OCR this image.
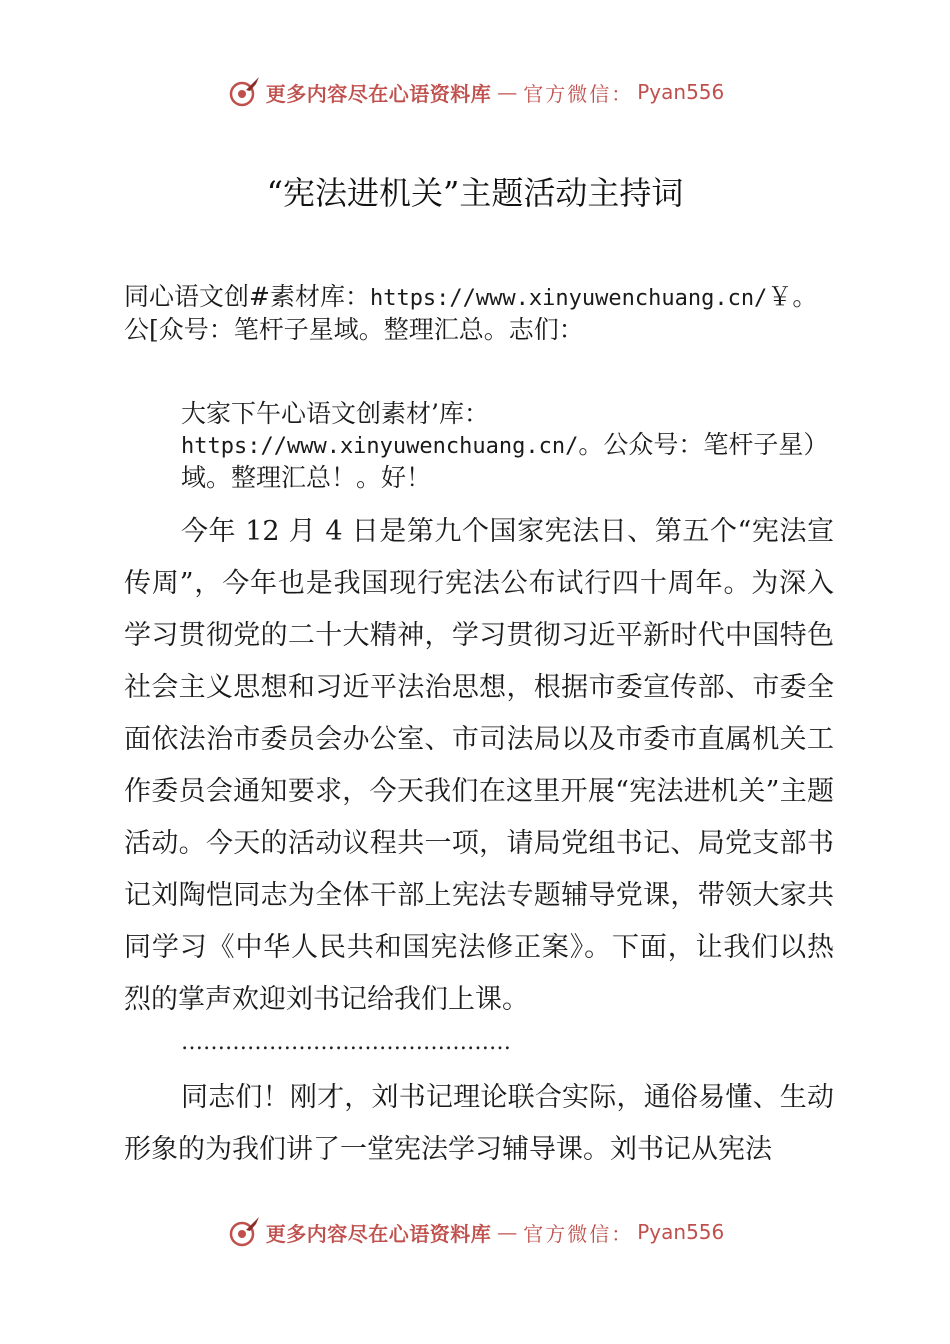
更多内容尽在心语资料库 — 官方微信： Pyan556
“宪法进机关”主题活动主持词
同心语文创#素材库：https://www.xinyuwenchuang.cn/￥。公[众号：笔杆子星域。整理汇总。志们：
大家下午心语文创素材’库：https://www.xinyuwenchuang.cn/。公众号：笔杆子星）域。整理汇总！。好！
今年 12 月 4 日是第九个国家宪法日、第五个“宪法宣传周”，今年也是我国现行宪法公布试行四十周年。为深入学习贯彻党的二十大精神，学习贯彻习近平新时代中国特色社会主义思想和习近平法治思想，根据市委宣传部、市委全面依法治市委员会办公室、市司法局以及市委市直属机关工作委员会通知要求，今天我们在这里开展“宪法进机关”主题活动。今天的活动议程共一项，请局党组书记、局党支部书记刘陶恺同志为全体干部上宪法专题辅导党课，带领大家共同学习《中华人民共和国宪法修正案》。下面，让我们以热烈的掌声欢迎刘书记给我们上课。
………………………………………
同志们！刚才，刘书记理论联合实际，通俗易懂、生动形象的为我们讲了一堂宪法学习辅导课。刘书记从宪法
更多内容尽在心语资料库 — 官方微信： Pyan556
